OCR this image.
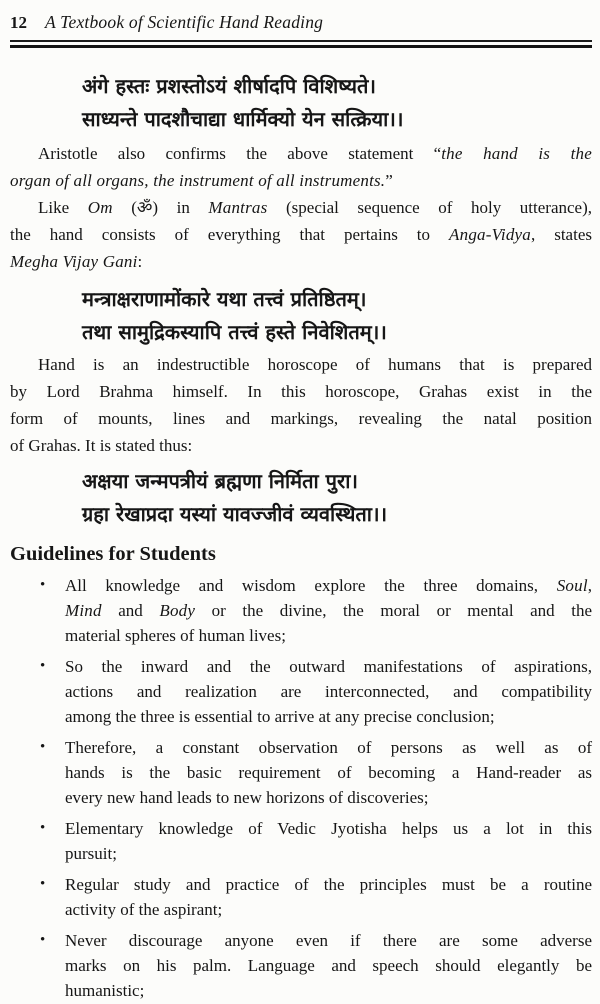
12 A Textbook of Scientific Hand Reading
अंगे हस्तः प्रशस्तोऽयं शीर्षादपि विशिष्यते।
साध्यन्ते पादशौचाद्या धार्मिक्यो येन सत्क्रिया।।
Aristotle also confirms the above statement “the hand is the
organ of all organs, the instrument of all instruments.”
Like Om (ॐ) in Mantras (special sequence of holy utterance),
the hand consists of everything that pertains to Anga-Vidya, states
Megha Vijay Gani:
मन्त्राक्षराणामोंकारे यथा तत्त्वं प्रतिष्ठितम्।
तथा सामुद्रिकस्यापि तत्त्वं हस्ते निवेशितम्।।
Hand is an indestructible horoscope of humans that is prepared
by Lord Brahma himself. In this horoscope, Grahas exist in the
form of mounts, lines and markings, revealing the natal position
of Grahas. It is stated thus:
अक्षया जन्मपत्रीयं ब्रह्मणा निर्मिता पुरा।
ग्रहा रेखाप्रदा यस्यां यावज्जीवं व्यवस्थिता।।
Guidelines for Students
•	All knowledge and wisdom explore the three domains, Soul,
Mind and Body or the divine, the moral or mental and the
material spheres of human lives;
•	So the inward and the outward manifestations of aspirations,
actions and realization are interconnected, and compatibility
among the three is essential to arrive at any precise conclusion;
•	Therefore, a constant observation of persons as well as of
hands is the basic requirement of becoming a Hand-reader as
every new hand leads to new horizons of discoveries;
•	Elementary knowledge of Vedic Jyotisha helps us a lot in this
pursuit;
•	Regular study and practice of the principles must be a routine
activity of the aspirant;
•	Never discourage anyone even if there are some adverse
marks on his palm. Language and speech should elegantly be
humanistic;
